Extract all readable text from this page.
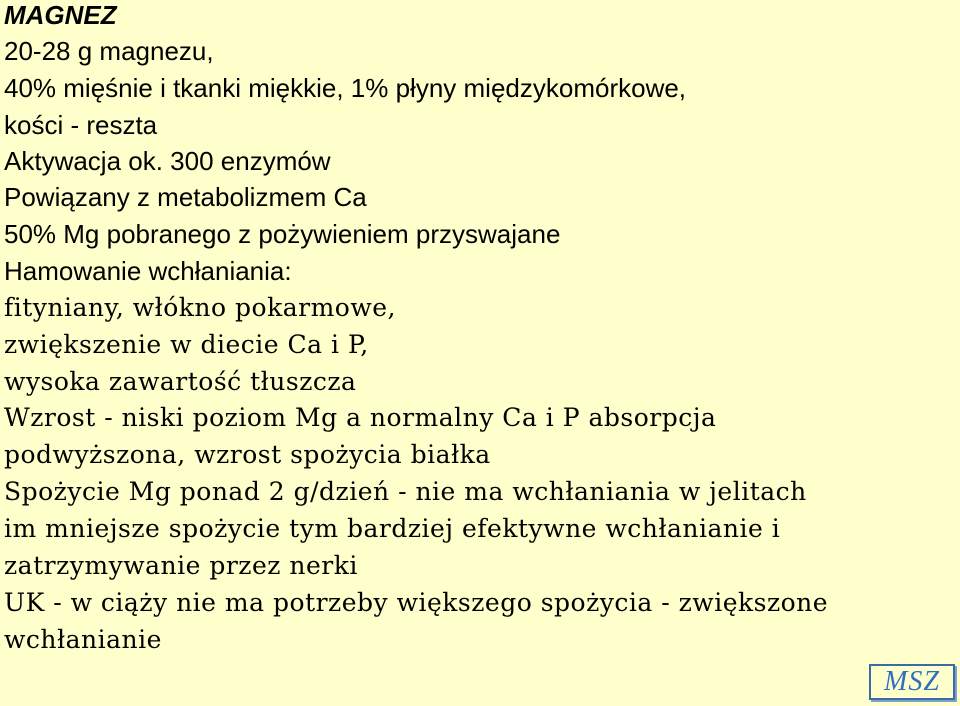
MAGNEZ
20-28 g magnezu,
40% mięśnie i tkanki miękkie, 1% płyny międzykomórkowe,
kości - reszta
Aktywacja ok. 300 enzymów
Powiązany z metabolizmem Ca
50% Mg pobranego z pożywieniem przyswajane
Hamowanie wchłaniania:
fityniany, włókno pokarmowe,
zwiększenie w diecie Ca i P,
wysoka zawartość tłuszcza
Wzrost - niski poziom Mg a normalny Ca i P absorpcja
podwyższona, wzrost spożycia białka
Spożycie Mg ponad 2 g/dzień - nie ma wchłaniania w jelitach
im mniejsze spożycie tym bardziej efektywne wchłanianie i
zatrzymywanie przez nerki
UK - w ciąży nie ma potrzeby większego spożycia - zwiększone
wchłanianie
MSZ
